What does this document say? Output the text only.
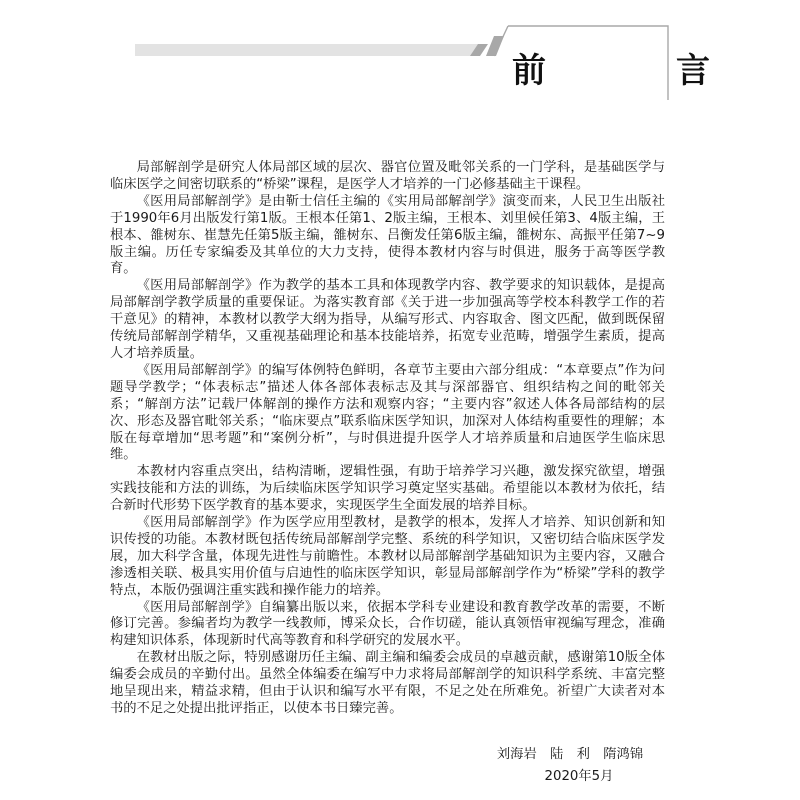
前　言

局部解剖学是研究人体局部区域的层次、器官位置及毗邻关系的一门学科，是基础医学与临床医学之间密切联系的“桥梁”课程，是医学人才培养的一门必修基础主干课程。

《医用局部解剖学》是由靳士信任主编的《实用局部解剖学》演变而来，人民卫生出版社于1990年6月出版发行第1版。王根本任第1、2版主编，王根本、刘里候任第3、4版主编，王根本、雒树东、崔慧先任第5版主编，雒树东、吕衡发任第6版主编，雒树东、高振平任第7~9版主编。历任专家编委及其单位的大力支持，使得本教材内容与时俱进，服务于高等医学教育。

《医用局部解剖学》作为教学的基本工具和体现教学内容、教学要求的知识载体，是提高局部解剖学教学质量的重要保证。为落实教育部《关于进一步加强高等学校本科教学工作的若干意见》的精神，本教材以教学大纲为指导，从编写形式、内容取舍、图文匹配，做到既保留传统局部解剖学精华，又重视基础理论和基本技能培养，拓宽专业范畴，增强学生素质，提高人才培养质量。

《医用局部解剖学》的编写体例特色鲜明，各章节主要由六部分组成：“本章要点”作为问题导学教学；“体表标志”描述人体各部体表标志及其与深部器官、组织结构之间的毗邻关系；“解剖方法”记载尸体解剖的操作方法和观察内容；“主要内容”叙述人体各局部结构的层次、形态及器官毗邻关系；“临床要点”联系临床医学知识，加深对人体结构重要性的理解；本版在每章增加“思考题”和“案例分析”，与时俱进提升医学人才培养质量和启迪医学生临床思维。

本教材内容重点突出，结构清晰，逻辑性强，有助于培养学习兴趣，激发探究欲望，增强实践技能和方法的训练，为后续临床医学知识学习奠定坚实基础。希望能以本教材为依托，结合新时代形势下医学教育的基本要求，实现医学生全面发展的培养目标。

《医用局部解剖学》作为医学应用型教材，是教学的根本，发挥人才培养、知识创新和知识传授的功能。本教材既包括传统局部解剖学完整、系统的科学知识，又密切结合临床医学发展，加大科学含量，体现先进性与前瞻性。本教材以局部解剖学基础知识为主要内容，又融合渗透相关联、极具实用价值与启迪性的临床医学知识，彰显局部解剖学作为“桥梁”学科的教学特点，本版仍强调注重实践和操作能力的培养。

《医用局部解剖学》自编纂出版以来，依据本学科专业建设和教育教学改革的需要，不断修订完善。参编者均为教学一线教师，博采众长，合作切磋，能认真领悟审视编写理念，准确构建知识体系，体现新时代高等教育和科学研究的发展水平。

在教材出版之际，特别感谢历任主编、副主编和编委会成员的卓越贡献，感谢第10版全体编委会成员的辛勤付出。虽然全体编委在编写中力求将局部解剖学的知识科学系统、丰富完整地呈现出来，精益求精，但由于认识和编写水平有限，不足之处在所难免。祈望广大读者对本书的不足之处提出批评指正，以使本书日臻完善。

刘海岩　陆　利　隋鸿锦
2020年5月
